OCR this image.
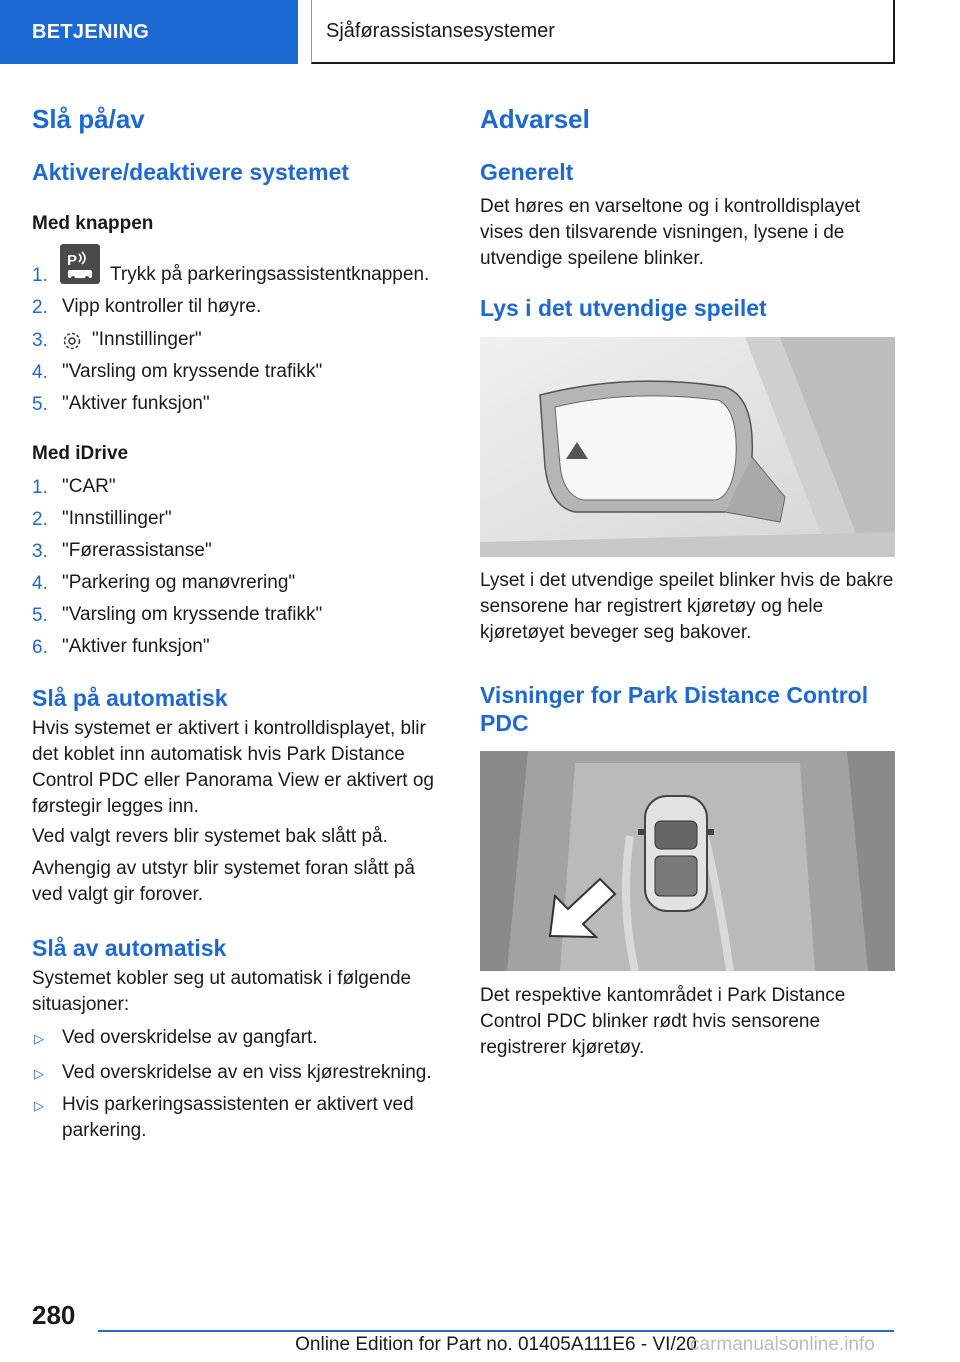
BETJENING	Sjåførassistansesystemer
Slå på/av
Aktivere/deaktivere systemet
Med knappen
1.
P
Trykk på parkeringsassistentknappen.
2. Vipp kontroller til høyre.
3. "Innstillinger"
4. "Varsling om kryssende trafikk"
5. "Aktiver funksjon"
Med iDrive
1. "CAR"
2. "Innstillinger"
3. "Førerassistanse"
4. "Parkering og manøvrering"
5. "Varsling om kryssende trafikk"
6. "Aktiver funksjon"
Slå på automatisk
Hvis systemet er aktivert i kontrolldisplayet, blir det koblet inn automatisk hvis Park Distance Control PDC eller Panorama View er aktivert og førstegir legges inn.
Ved valgt revers blir systemet bak slått på.
Avhengig av utstyr blir systemet foran slått på ved valgt gir forover.
Slå av automatisk
Systemet kobler seg ut automatisk i følgende situasjoner:
▷ Ved overskridelse av gangfart.
▷ Ved overskridelse av en viss kjørestrekning.
▷ Hvis parkeringsassistenten er aktivert ved parkering.
Advarsel
Generelt
Det høres en varseltone og i kontrolldisplayet vises den tilsvarende visningen, lysene i de utvendige speilene blinker.
Lys i det utvendige speilet
Lyset i det utvendige speilet blinker hvis de bakre sensorene har registrert kjøretøy og hele kjøretøyet beveger seg bakover.
Visninger for Park Distance Control PDC
Det respektive kantområdet i Park Distance Control PDC blinker rødt hvis sensorene registrerer kjøretøy.
280
Online Edition for Part no. 01405A111E6 - VI/20
carmanualsonline.info
